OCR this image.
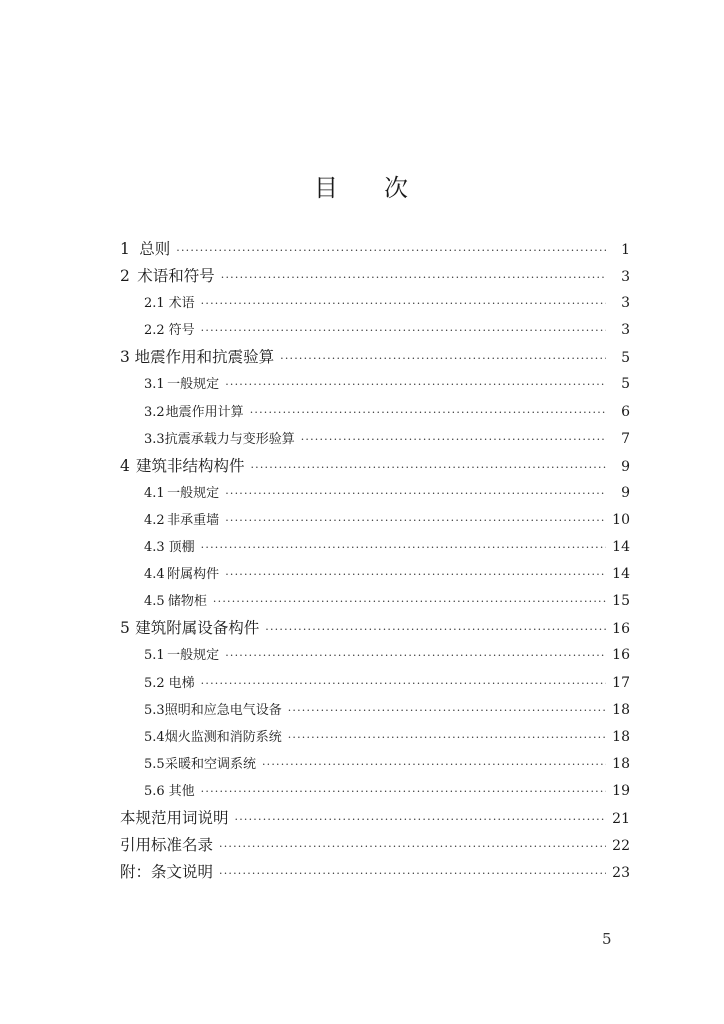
目 次
1 总则 ·····	1
2 术语和符号 ·····	3
2.1 术语 ·····	3
2.2 符号 ·····	3
3 地震作用和抗震验算 ·····	5
3.1 一般规定 ·····	5
3.2 地震作用计算 ·····	6
3.3 抗震承载力与变形验算 ·····	7
4 建筑非结构构件 ·····	9
4.1 一般规定 ·····	9
4.2 非承重墙 ·····	10
4.3 顶棚 ·····	14
4.4 附属构件 ·····	14
4.5 储物柜 ·····	15
5 建筑附属设备构件 ·····	16
5.1 一般规定 ·····	16
5.2 电梯 ·····	17
5.3 照明和应急电气设备 ·····	18
5.4 烟火监测和消防系统 ·····	18
5.5 采暖和空调系统 ·····	18
5.6 其他 ·····	19
本规范用词说明 ·····	21
引用标准名录 ·····	22
附：条文说明 ·····	23
5
